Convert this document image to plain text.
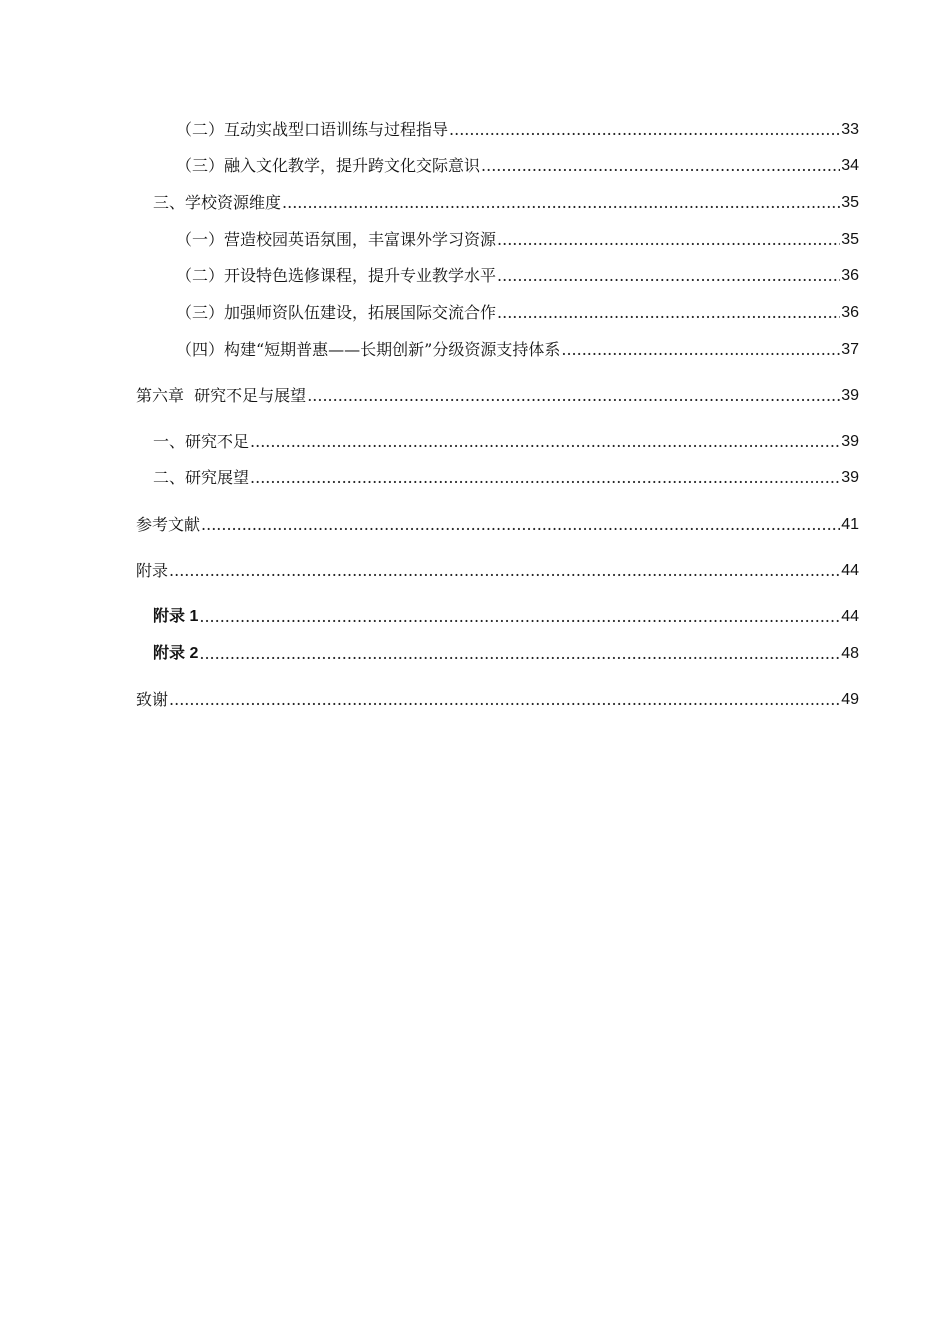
（二）互动实战型口语训练与过程指导 .....	33
（三）融入文化教学，提升跨文化交际意识 .....	34
三、学校资源维度 .....	35
（一）营造校园英语氛围，丰富课外学习资源 .....	35
（二）开设特色选修课程，提升专业教学水平 .....	36
（三）加强师资队伍建设，拓展国际交流合作 .....	36
（四）构建“短期普惠——长期创新”分级资源支持体系 .....	37
第六章  研究不足与展望 .....	39
一、研究不足 .....	39
二、研究展望 .....	39
参考文献 .....	41
附录 .....	44
附录 1 .....	44
附录 2 .....	48
致谢 .....	49
